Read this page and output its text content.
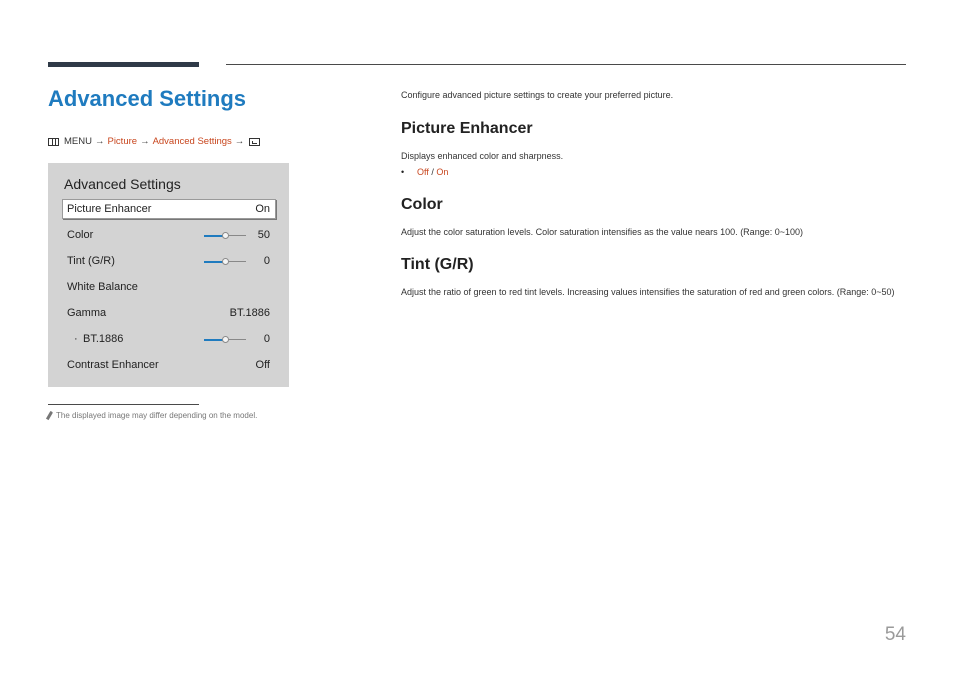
Advanced Settings
MENU → Picture → Advanced Settings →
Advanced Settings
Picture Enhancer	On
Color	50
Tint (G/R)	0
White Balance
Gamma	BT.1886
· BT.1886	0
Contrast Enhancer	Off
The displayed image may differ depending on the model.

Configure advanced picture settings to create your preferred picture.

Picture Enhancer

Displays enhanced color and sharpness.

• Off / On
Color

Adjust the color saturation levels. Color saturation intensifies as the value nears 100. (Range: 0~100)

Tint (G/R)

Adjust the ratio of green to red tint levels. Increasing values intensifies the saturation of red and green colors. (Range: 0~50)

54
